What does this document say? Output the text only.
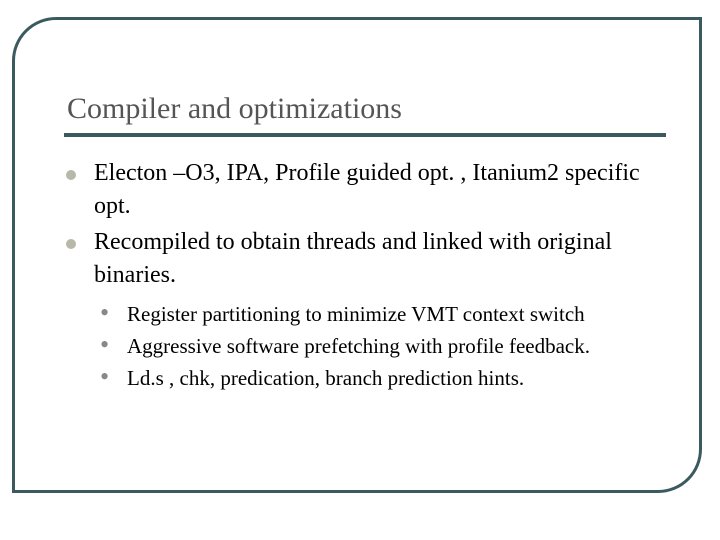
Compiler and optimizations
Electon –O3, IPA, Profile guided opt. , Itanium2 specific opt.
Recompiled to obtain threads and linked with original binaries.
• Register partitioning to minimize VMT context switch
• Aggressive software prefetching with profile feedback.
• Ld.s , chk, predication, branch prediction hints.
